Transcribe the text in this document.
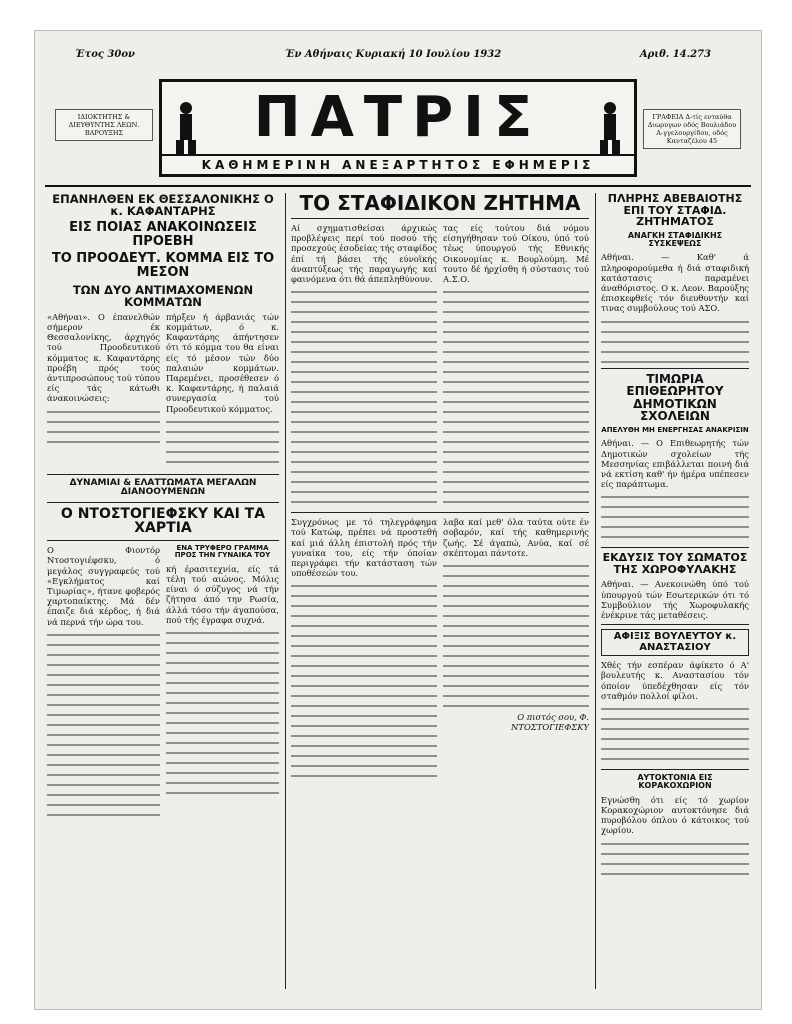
Έτος 30ον	Έν Αθήναις Κυριακή 10 Ιουλίου 1932	Αριθ. 14.273
ΙΔΙΟΚΤΗΤΗΣ & ΔΙΕΥΘΥΝΤΗΣ ΛΕΩΝ. ΒΑΡΟΥΞΗΣ	ΠΑΤΡΙΣ
ΚΑΘΗΜΕΡΙΝΗ ΑΝΕΞΑΡΤΗΤΟΣ ΕΦΗΜΕΡΙΣ
ΓΡΑΦΕΙΑ Δ-τίς ενταύθα Διωρυγων οδός Βουλιάδου Α-γγελουργίδου, οδός Κανταζέλου 45
ΕΠΑΝΗΛΘΕΝ ΕΚ ΘΕΣΣΑΛΟΝΙΚΗΣ Ο κ. ΚΑΦΑΝΤΑΡΗΣ
ΕΙΣ ΠΟΙΑΣ ΑΝΑΚΟΙΝΩΣΕΙΣ ΠΡΟΕΒΗ
ΤΟ ΠΡΟΟΔΕΥΤ. ΚΟΜΜΑ ΕΙΣ ΤΟ ΜΕΣΟΝ
ΤΩΝ ΔΥΟ ΑΝΤΙΜΑΧΟΜΕΝΩΝ ΚΟΜΜΑΤΩΝ

«Αθήναι». Ο έπανελθών σήμερον έκ Θεσσαλονίκης, άρχηγός τού Προοδευτικού κόμματος κ. Καφαντάρης προέβη πρός τούς άντιπροσώπους τού τύπου είς τάς κάτωθι άνακοινώσεις:

πήρξεν ή άρβανιάς τών κομμάτων, ό κ. Καφαντάρης άπήντησεν ότι τό κόμμα του θα είναι είς τό μέσον τών δύο παλαιών κομμάτων. Παρεμένει, προσέθεσεν ό κ. Καφαντάρης, ή παλαιά συνεργασία τού Προοδευτικού κόμματος.

ΔΥΝΑΜΙΑΙ & ΕΛΑΤΤΩΜΑΤΑ ΜΕΓΑΛΩΝ ΔΙΑΝΟΟΥΜΕΝΩΝ
Ο ΝΤΟΣΤΟΓΙΕΦΣΚΥ ΚΑΙ ΤΑ ΧΑΡΤΙΑ

Ο Φιοντόρ Ντοστογιέφσκυ, ό μεγάλος συγγραφεύς τού «Εγκλήματος καί Τιμωρίας», ήτανε φοβερός χαρτοπαίκτης. Μά δέν έπαιζε διά κέρδος, ή διά νά περνά τήν ώρα του.

ΕΝΑ ΤΡΥΦΕΡΟ ΓΡΑΜΜΑ ΠΡΟΣ ΤΗΝ ΓΥΝΑΙΚΑ ΤΟΥ

κή έρασιτεχνία, είς τά τέλη τού αιώνος. Μόλις είναι ό σύζυγος νά τήν ζήτησα άπό την Ρωσία, άλλά τόσο τήν άγαπούσα, πού τής έγραφα συχνά.

ΤΟ ΣΤΑΦΙΔΙΚΟΝ ΖΗΤΗΜΑ

Αί σχηματισθείσαι άρχικώς προβλέψεις περί τού ποσού τής προσεχούς έσοδείας τής σταφίδος έπί τή βάσει τής εύνοϊκής άναπτύξεως τής παραγωγής καί φαινόμενα ότι θά άπεπληθύνουν.

τας είς τούτου διά νόμου είσηγήθησαν τού Οίκου, ύπό τού τέως ύπουργού τής Εθνικής Οικονομίας κ. Βουρλούμη. Μέ τουτο δέ ήρχίσθη ή σύστασις τού Α.Σ.Ο.

Συγχρόνως με τό τηλεγράφημα τού Κατώφ, πρέπει νά προστεθή καί μιά άλλη έπιστολή πρός τήν γυναίκα του, είς τήν όποίαν περιγράφει τήν κατάσταση τών υποθέσεών του.

λαβα καί μεθ' όλα ταύτα ούτε έν σοβαρόν, καί τής καθημερινής ζωής. Σέ άγαπώ, Ανύα, καί σέ σκέπτομαι πάντοτε.

Ο πιστός σου, Φ. ΝΤΟΣΤΟΓΙΕΦΣΚΥ

ΠΛΗΡΗΣ ΑΒΕΒΑΙΟΤΗΣ ΕΠΙ ΤΟΥ ΣΤΑΦΙΔ. ΖΗΤΗΜΑΤΟΣ
ΑΝΑΓΚΗ ΣΤΑΦΙΔΙΚΗΣ ΣΥΣΚΕΨΕΩΣ

Αθήναι. — Καθ' ά πληροφορούμεθα ή διά σταφιδική κατάστασις παραμένει άναθόριστος. Ο κ. Λεον. Βαρούξης έπισκεφθείς τόν διευθυντήν καί τινας συμβούλους τού ΑΣΟ.

ΤΙΜΩΡΙΑ ΕΠΙΘΕΩΡΗΤΟΥ ΔΗΜΟΤΙΚΩΝ ΣΧΟΛΕΙΩΝ
ΑΠΕΛΥΘΗ ΜΗ ΕΝΕΡΓΗΣΑΣ ΑΝΑΚΡΙΣΙΝ

Αθήναι. — Ο Επιθεωρητής τών Δημοτικών σχολείων τής Μεσσηνίας επιβάλλεται ποινή διά νά εκτίση καθ' ήν ήμέρα υπέπεσεν είς παράπτωμα.

ΕΚΔΥΣΙΣ ΤΟΥ ΣΩΜΑΤΟΣ ΤΗΣ ΧΩΡΟΦΥΛΑΚΗΣ

Αθήναι. — Ανεκοινώθη ύπό τού ύπουργού τών Εσωτερικών ότι τό Συμβούλιον τής Χωροφυλακής ένέκρινε τάς μεταθέσεις.

ΑΦΙΞΙΣ ΒΟΥΛΕΥΤΟΥ κ. ΑΝΑΣΤΑΣΙΟΥ

Χθές τήν εσπέραν άφίκετο ό Α' βουλευτής κ. Αναστασίου τόν όποίον ύπεδέχθησαν είς τόν σταθμόν πολλοί φίλοι.

ΑΥΤΟΚΤΟΝΙΑ ΕΙΣ ΚΟΡΑΚΟΧΩΡΙΟΝ

Εγνώσθη ότι είς τό χωρίον Κορακοχώριον αυτοκτόνησε διά πυροβόλου όπλου ό κάτοικος τού χωρίου.
